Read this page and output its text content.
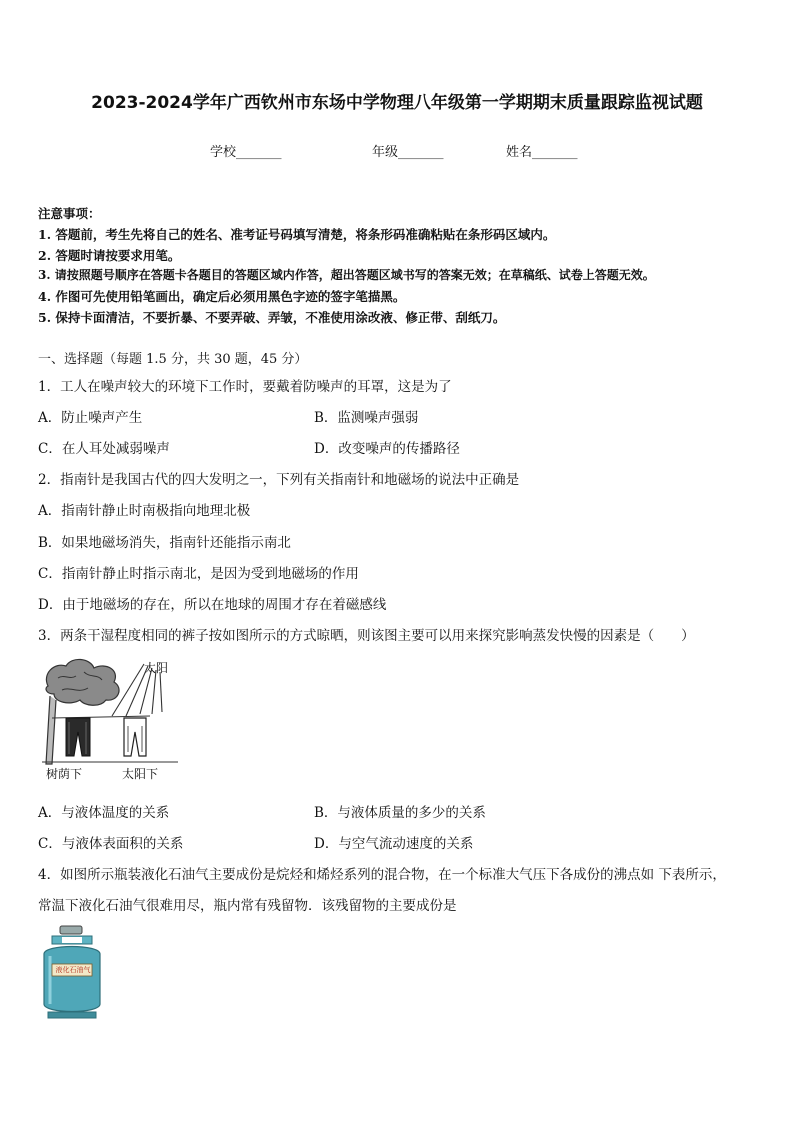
2023-2024学年广西钦州市东场中学物理八年级第一学期期末质量跟踪监视试题
学校_______	年级_______	姓名_______
注意事项：
1. 答题前，考生先将自己的姓名、准考证号码填写清楚，将条形码准确粘贴在条形码区域内。
2. 答题时请按要求用笔。
3. 请按照题号顺序在答题卡各题目的答题区域内作答，超出答题区域书写的答案无效；在草稿纸、试卷上答题无效。
4. 作图可先使用铅笔画出，确定后必须用黑色字迹的签字笔描黑。
5. 保持卡面清洁，不要折暴、不要弄破、弄皱，不准使用涂改液、修正带、刮纸刀。
一、选择题（每题 1.5 分，共 30 题，45 分）
1．工人在噪声较大的环境下工作时，要戴着防噪声的耳罩，这是为了
A．防止噪声产生	B．监测噪声强弱
C．在人耳处减弱噪声	D．改变噪声的传播路径
2．指南针是我国古代的四大发明之一，下列有关指南针和地磁场的说法中正确是
A．指南针静止时南极指向地理北极
B．如果地磁场消失，指南针还能指示南北
C．指南针静止时指示南北，是因为受到地磁场的作用
D．由于地磁场的存在，所以在地球的周围才存在着磁感线
3．两条干湿程度相同的裤子按如图所示的方式晾晒，则该图主要可以用来探究影响蒸发快慢的因素是（　　）
太阳
树荫下	太阳下
A．与液体温度的关系	B．与液体质量的多少的关系
C．与液体表面积的关系	D．与空气流动速度的关系
4．如图所示瓶装液化石油气主要成份是烷烃和烯烃系列的混合物，在一个标准大气压下各成份的沸点如 下表所示，
常温下液化石油气很难用尽，瓶内常有残留物．该残留物的主要成份是
液化石油气
